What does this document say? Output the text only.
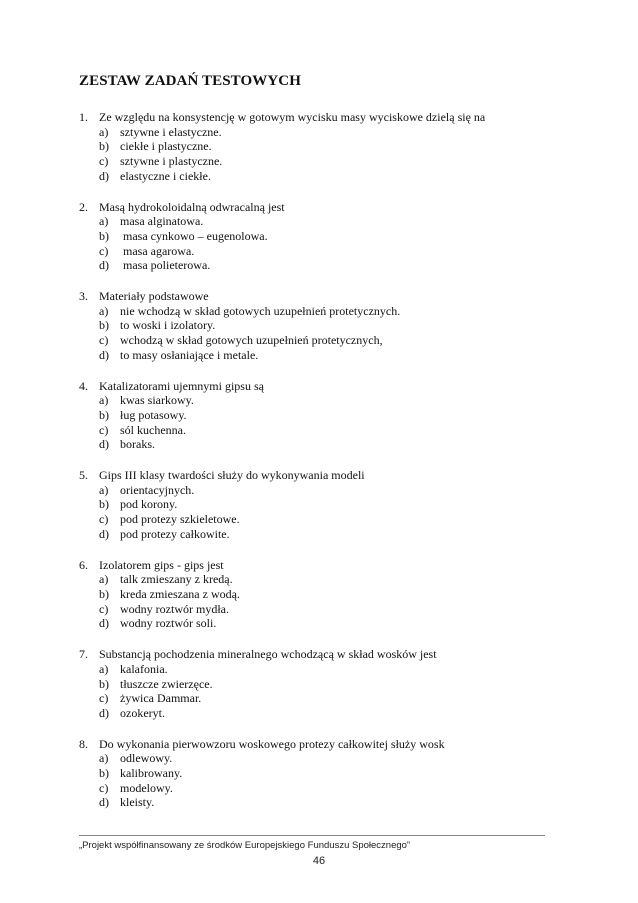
ZESTAW ZADAŃ TESTOWYCH
1. Ze względu na konsystencję w gotowym wycisku masy wyciskowe dzielą się na
a) sztywne i elastyczne.
b) ciekłe i plastyczne.
c) sztywne i plastyczne.
d) elastyczne i ciekłe.
2. Masą hydrokoloidalną odwracalną jest
a) masa alginatowa.
b) masa cynkowo – eugenolowa.
c) masa agarowa.
d) masa polieterowa.
3. Materiały podstawowe
a) nie wchodzą w skład gotowych uzupełnień protetycznych.
b) to woski i izolatory.
c) wchodzą w skład gotowych uzupełnień protetycznych,
d) to masy osłaniające i metale.
4. Katalizatorami ujemnymi gipsu są
a) kwas siarkowy.
b) ług potasowy.
c) sól kuchenna.
d) boraks.
5. Gips III klasy twardości służy do wykonywania modeli
a) orientacyjnych.
b) pod korony.
c) pod protezy szkieletowe.
d) pod protezy całkowite.
6. Izolatorem gips - gips jest
a) talk zmieszany z kredą.
b) kreda zmieszana z wodą.
c) wodny roztwór mydła.
d) wodny roztwór soli.
7. Substancją pochodzenia mineralnego wchodzącą w skład wosków jest
a) kalafonia.
b) tłuszcze zwierzęce.
c) żywica Dammar.
d) ozokeryt.
8. Do wykonania pierwowzoru woskowego protezy całkowitej służy wosk
a) odlewowy.
b) kalibrowany.
c) modelowy.
d) kleisty.
„Projekt współfinansowany ze środków Europejskiego Funduszu Społecznego”
46
